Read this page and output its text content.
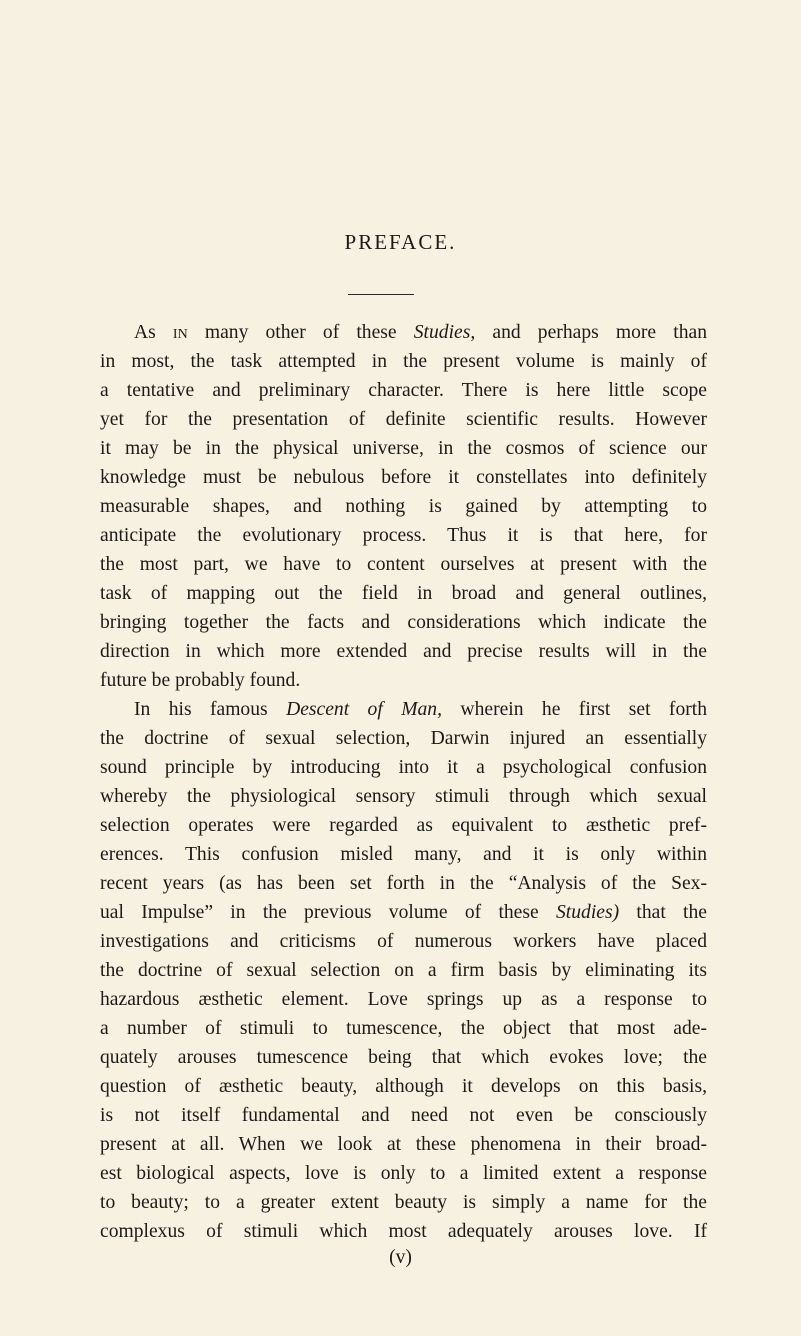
PREFACE.
As in many other of these Studies, and perhaps more than
in most, the task attempted in the present volume is mainly of
a tentative and preliminary character. There is here little scope
yet for the presentation of definite scientific results. However
it may be in the physical universe, in the cosmos of science our
knowledge must be nebulous before it constellates into definitely
measurable shapes, and nothing is gained by attempting to
anticipate the evolutionary process. Thus it is that here, for
the most part, we have to content ourselves at present with the
task of mapping out the field in broad and general outlines,
bringing together the facts and considerations which indicate the
direction in which more extended and precise results will in the
future be probably found.
In his famous Descent of Man, wherein he first set forth
the doctrine of sexual selection, Darwin injured an essentially
sound principle by introducing into it a psychological confusion
whereby the physiological sensory stimuli through which sexual
selection operates were regarded as equivalent to æsthetic pref-
erences. This confusion misled many, and it is only within
recent years (as has been set forth in the “Analysis of the Sex-
ual Impulse” in the previous volume of these Studies) that the
investigations and criticisms of numerous workers have placed
the doctrine of sexual selection on a firm basis by eliminating its
hazardous æsthetic element. Love springs up as a response to
a number of stimuli to tumescence, the object that most ade-
quately arouses tumescence being that which evokes love; the
question of æsthetic beauty, although it develops on this basis,
is not itself fundamental and need not even be consciously
present at all. When we look at these phenomena in their broad-
est biological aspects, love is only to a limited extent a response
to beauty; to a greater extent beauty is simply a name for the
complexus of stimuli which most adequately arouses love. If
(v)
